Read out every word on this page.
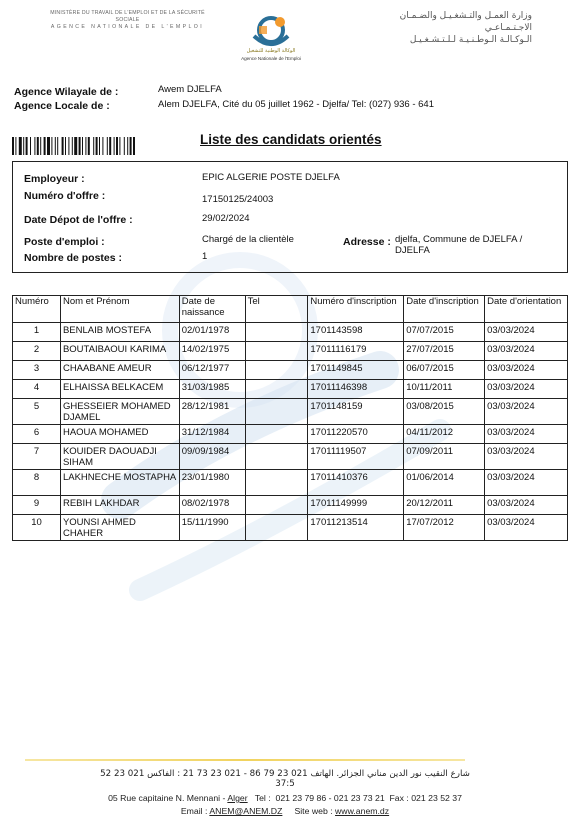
MINISTÈRE DU TRAVAIL DE L'EMPLOI ET DE LA SÉCURITÉ SOCIALE
AGENCE NATIONALE DE L'EMPLOI
الوكالة الوطنية للتشغيل
Agence Nationale de l'Emploi
وزارة العمـل والتـشغـيـل والضـمـان الاجـتـمـاعـي
الـوكـالـة الـوطـنـيـة لـلـتـشـغـيـل
Agence Wilayale de :	Awem DJELFA
Agence Locale de :	Alem DJELFA, Cité du 05 juillet 1962 - Djelfa/ Tel: (027) 936 - 641
Liste des candidats orientés
Employeur :	EPIC ALGERIE POSTE DJELFA
Numéro d'offre :	17150125/24003
Date Dépot de l'offre :	29/02/2024
Poste d'emploi :	Chargé de la clientèle	Adresse : djelfa, Commune de DJELFA /
DJELFA
Nombre de postes :	1
Numéro	Nom et Prénom	Date de naissance	Tel	Numéro d'inscription	Date d'inscription	Date d'orientation
1	BENLAIB MOSTEFA	02/01/1978		1701143598	07/07/2015	03/03/2024
2	BOUTAIBAOUI KARIMA	14/02/1975		17011116179	27/07/2015	03/03/2024
3	CHAABANE AMEUR	06/12/1977		1701149845	06/07/2015	03/03/2024
4	ELHAISSA BELKACEM	31/03/1985		17011146398	10/11/2011	03/03/2024
5	GHESSEIER MOHAMED DJAMEL	28/12/1981		1701148159	03/08/2015	03/03/2024
6	HAOUA MOHAMED	31/12/1984		17011220570	04/11/2012	03/03/2024
7	KOUIDER DAOUADJI SIHAM	09/09/1984		17011119507	07/09/2011	03/03/2024
8	LAKHNECHE MOSTAPHA	23/01/1980		17011410376	01/06/2014	03/03/2024
9	REBIH LAKHDAR	08/02/1978		17011149999	20/12/2011	03/03/2024
10	YOUNSI AHMED CHAHER	15/11/1990		17011213514	17/07/2012	03/03/2024
شارع النقيب نور الدين مناني الجزائر. الهاتف 021 23 79 86 - 021 23 73 21 : الفاكس 021 23 52
37:5
05 Rue capitaine N. Mennani - Alger   Tel :  021 23 79 86 - 021 23 73 21  Fax : 021 23 52 37
Email : ANEM@ANEM.DZ     Site web : www.anem.dz
